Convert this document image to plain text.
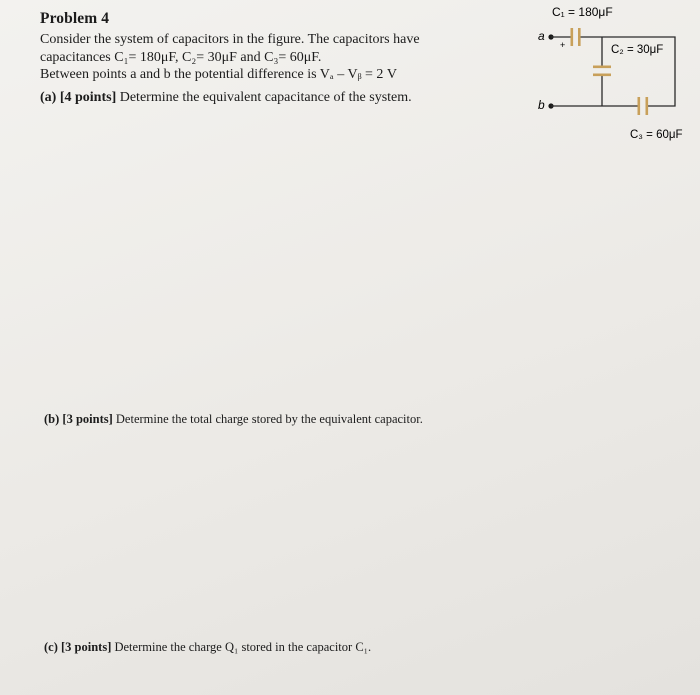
Problem 4
Consider the system of capacitors in the figure. The capacitors have
capacitances C₁= 180μF, C₂= 30μF and C₃= 60μF.
Between points a and b the potential difference is Vₐ – Vᵦ = 2 V
(a) [4 points] Determine the equivalent capacitance of the system.
(b) [3 points] Determine the total charge stored by the equivalent capacitor.
(c) [3 points] Determine the charge Q₁ stored in the capacitor C₁.
C₁ = 180μF
C₂ = 30μF
C₃ = 60μF
a
b
+
